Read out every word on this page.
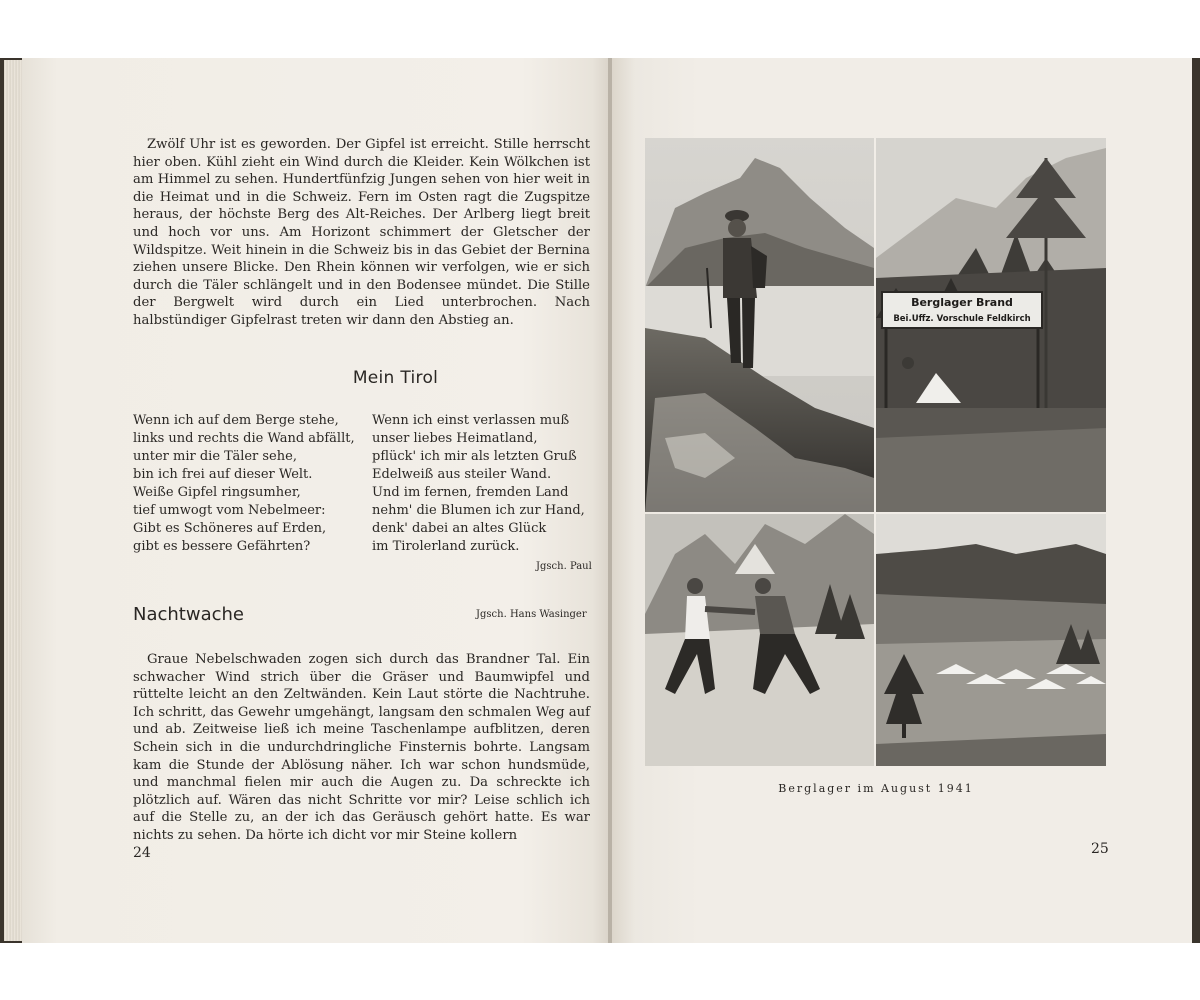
Zwölf Uhr ist es geworden. Der Gipfel ist erreicht. Stille herrscht hier oben. Kühl zieht ein Wind durch die Kleider. Kein Wölkchen ist am Himmel zu sehen. Hundertfünfzig Jungen sehen von hier weit in die Heimat und in die Schweiz. Fern im Osten ragt die Zugspitze heraus, der höchste Berg des Alt-Reiches. Der Arlberg liegt breit und hoch vor uns. Am Horizont schimmert der Gletscher der Wildspitze. Weit hinein in die Schweiz bis in das Gebiet der Bernina ziehen unsere Blicke. Den Rhein können wir verfolgen, wie er sich durch die Täler schlängelt und in den Bodensee mündet. Die Stille der Bergwelt wird durch ein Lied unterbrochen. Nach halbstündiger Gipfelrast treten wir dann den Abstieg an.

Mein Tirol
Wenn ich auf dem Berge stehe,
links und rechts die Wand abfällt,
unter mir die Täler sehe,
bin ich frei auf dieser Welt.
Weiße Gipfel ringsumher,
tief umwogt vom Nebelmeer:
Gibt es Schöneres auf Erden,
gibt es bessere Gefährten?
Wenn ich einst verlassen muß
unser liebes Heimatland,
pflück' ich mir als letzten Gruß
Edelweiß aus steiler Wand.
Und im fernen, fremden Land
nehm' die Blumen ich zur Hand,
denk' dabei an altes Glück
im Tirolerland zurück.
Jgsch. Paul
Nachtwache	Jgsch. Hans Wasinger

Graue Nebelschwaden zogen sich durch das Brandner Tal. Ein schwacher Wind strich über die Gräser und Baumwipfel und rüttelte leicht an den Zeltwänden. Kein Laut störte die Nachtruhe. Ich schritt, das Gewehr umgehängt, langsam den schmalen Weg auf und ab. Zeitweise ließ ich meine Taschenlampe aufblitzen, deren Schein sich in die undurchdringliche Finsternis bohrte. Langsam kam die Stunde der Ablösung näher. Ich war schon hundsmüde, und manchmal fielen mir auch die Augen zu. Da schreckte ich plötzlich auf. Wären das nicht Schritte vor mir? Leise schlich ich auf die Stelle zu, an der ich das Geräusch gehört hatte. Es war nichts zu sehen. Da hörte ich dicht vor mir Steine kollern

24
Berglager Brand
Bei.Uffz. Vorschule Feldkirch
Berglager im August 1941
25
